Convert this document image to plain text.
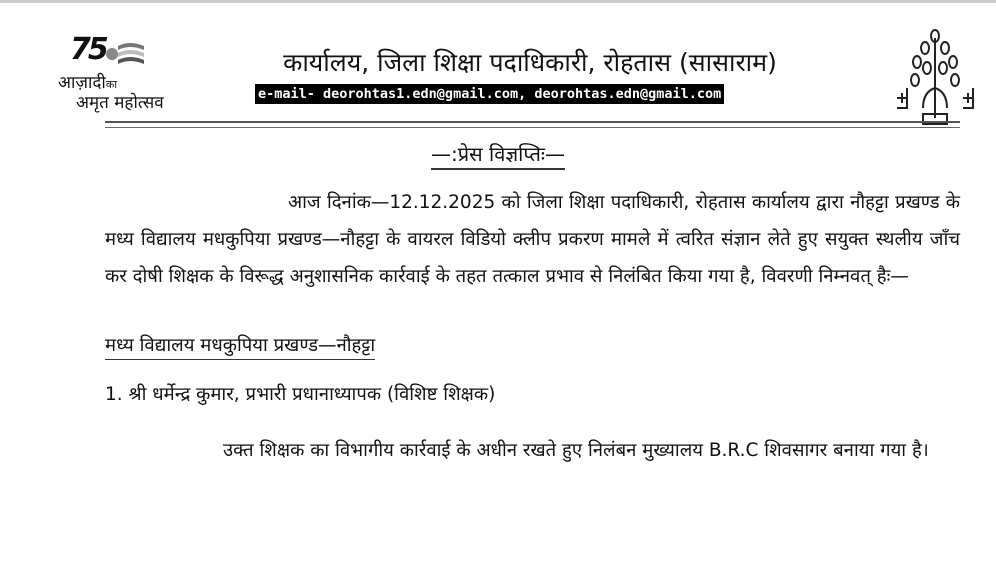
75
आज़ादीका
अमृत महोत्सव
कार्यालय, जिला शिक्षा पदाधिकारी, रोहतास (सासाराम)
e-mail- deorohtas1.edn@gmail.com, deorohtas.edn@gmail.com
—:प्रेस विज्ञप्तिः—
आज दिनांक—12.12.2025 को जिला शिक्षा पदाधिकारी, रोहतास कार्यालय द्वारा नौहट्टा प्रखण्ड के मध्य विद्यालय मधकुपिया प्रखण्ड—नौहट्टा के वायरल विडियो क्लीप प्रकरण मामले में त्वरित संज्ञान लेते हुए सयुक्त स्थलीय जाँच कर दोषी शिक्षक के विरूद्ध अनुशासनिक कार्रवाई के तहत तत्काल प्रभाव से निलंबित किया गया है, विवरणी निम्नवत् हैः—
मध्य विद्यालय मधकुपिया प्रखण्ड—नौहट्टा
1. श्री धर्मेन्द्र कुमार, प्रभारी प्रधानाध्यापक (विशिष्ट शिक्षक)
उक्त शिक्षक का विभागीय कार्रवाई के अधीन रखते हुए निलंबन मुख्यालय B.R.C शिवसागर बनाया गया है।
